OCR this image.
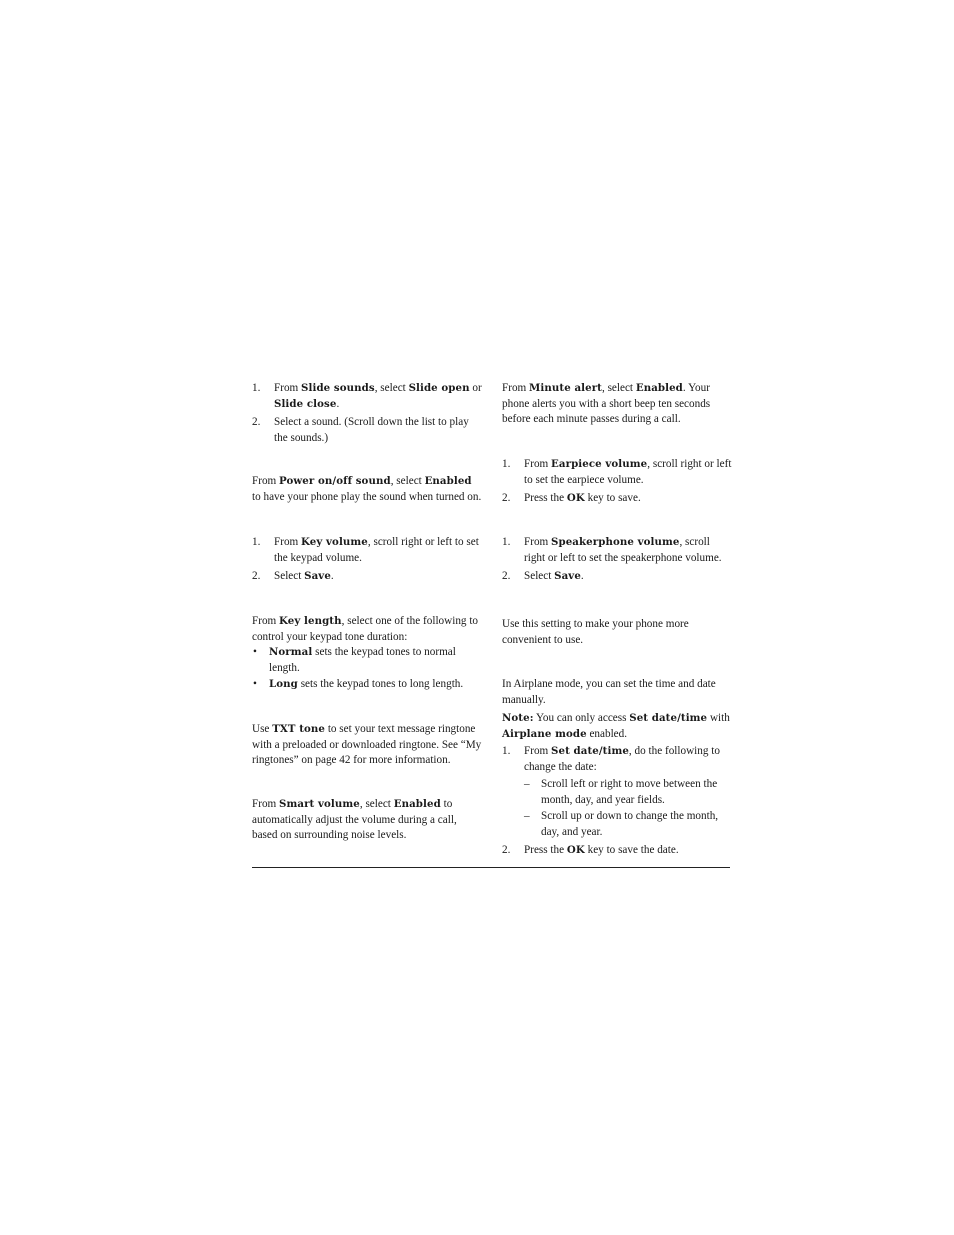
1. From Slide sounds, select Slide open or Slide close.
2. Select a sound. (Scroll down the list to play the sounds.)

From Power on/off sound, select Enabled to have your phone play the sound when turned on.

1. From Key volume, scroll right or left to set the keypad volume.
2. Select Save.

From Key length, select one of the following to control your keypad tone duration:

• Normal sets the keypad tones to normal length.
• Long sets the keypad tones to long length.

Use TXT tone to set your text message ringtone with a preloaded or downloaded ringtone. See “My ringtones” on page 42 for more information.

From Smart volume, select Enabled to automatically adjust the volume during a call, based on surrounding noise levels.

From Minute alert, select Enabled. Your phone alerts you with a short beep ten seconds before each minute passes during a call.

1. From Earpiece volume, scroll right or left to set the earpiece volume.
2. Press the OK key to save.
1. From Speakerphone volume, scroll right or left to set the speakerphone volume.
2. Select Save.

Use this setting to make your phone more convenient to use.

In Airplane mode, you can set the time and date manually.

Note: You can only access Set date/time with Airplane mode enabled.

1. From Set date/time, do the following to change the date:
– Scroll left or right to move between the month, day, and year fields.
– Scroll up or down to change the month, day, and year.
2. Press the OK key to save the date.
